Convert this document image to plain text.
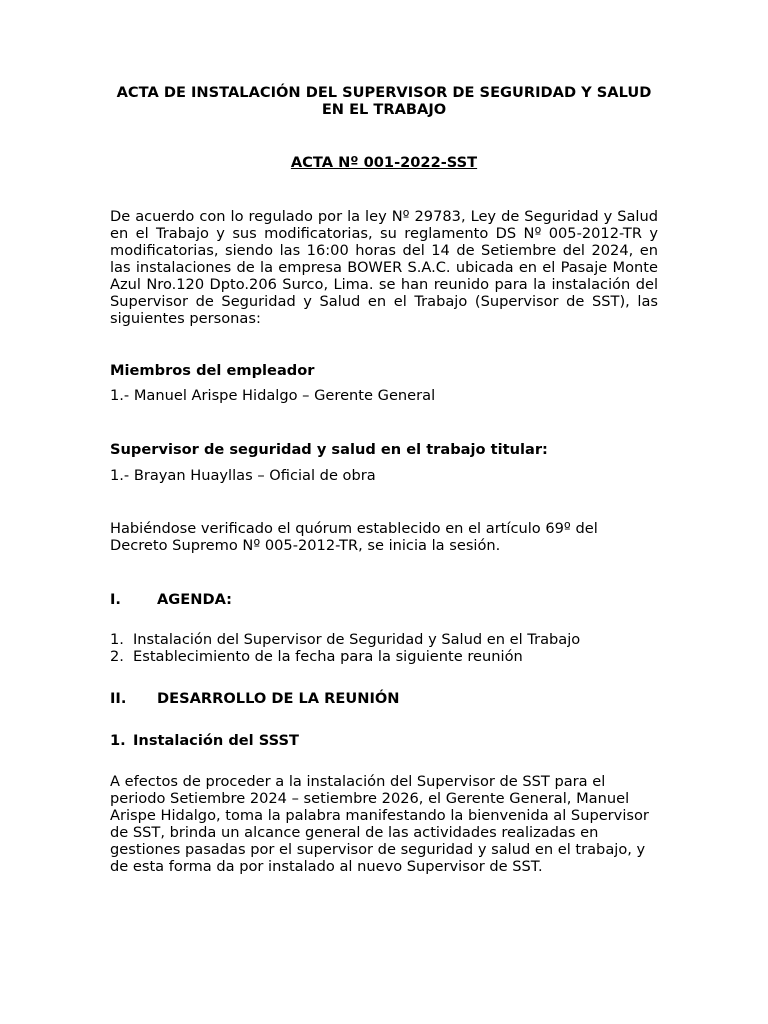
ACTA DE INSTALACIÓN DEL SUPERVISOR DE SEGURIDAD Y SALUD
EN EL TRABAJO
ACTA Nº 001-2022-SST
De acuerdo con lo regulado por la ley Nº 29783, Ley de Seguridad y Salud en el Trabajo y sus modificatorias, su reglamento DS Nº 005-2012-TR y modificatorias, siendo las 16:00 horas del 14 de Setiembre del 2024, en las instalaciones de la empresa BOWER S.A.C. ubicada en el Pasaje Monte Azul Nro.120 Dpto.206 Surco, Lima. se han reunido para la instalación del Supervisor de Seguridad y Salud en el Trabajo (Supervisor de SST), las siguientes personas:
Miembros del empleador
1.- Manuel Arispe Hidalgo – Gerente General
Supervisor de seguridad y salud en el trabajo titular:
1.- Brayan Huayllas – Oficial de obra
Habiéndose verificado el quórum establecido en el artículo 69º del Decreto Supremo Nº 005-2012-TR, se inicia la sesión.
I. AGENDA:
1. Instalación del Supervisor de Seguridad y Salud en el Trabajo
2. Establecimiento de la fecha para la siguiente reunión
II. DESARROLLO DE LA REUNIÓN
1. Instalación del SSST
A efectos de proceder a la instalación del Supervisor de SST para el periodo Setiembre 2024 – setiembre 2026, el Gerente General, Manuel Arispe Hidalgo, toma la palabra manifestando la bienvenida al Supervisor de SST, brinda un alcance general de las actividades realizadas en gestiones pasadas por el supervisor de seguridad y salud en el trabajo, y de esta forma da por instalado al nuevo Supervisor de SST.
